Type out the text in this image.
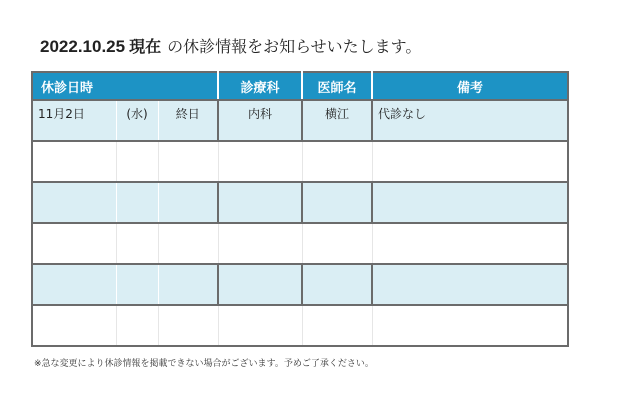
2022.10.25 現在 の休診情報をお知らせいたします。
休診日時			診療科	医師名	備考

11月2日	(水)	終日	内科	横江	代診なし

※急な変更により休診情報を掲載できない場合がございます。予めご了承ください。
